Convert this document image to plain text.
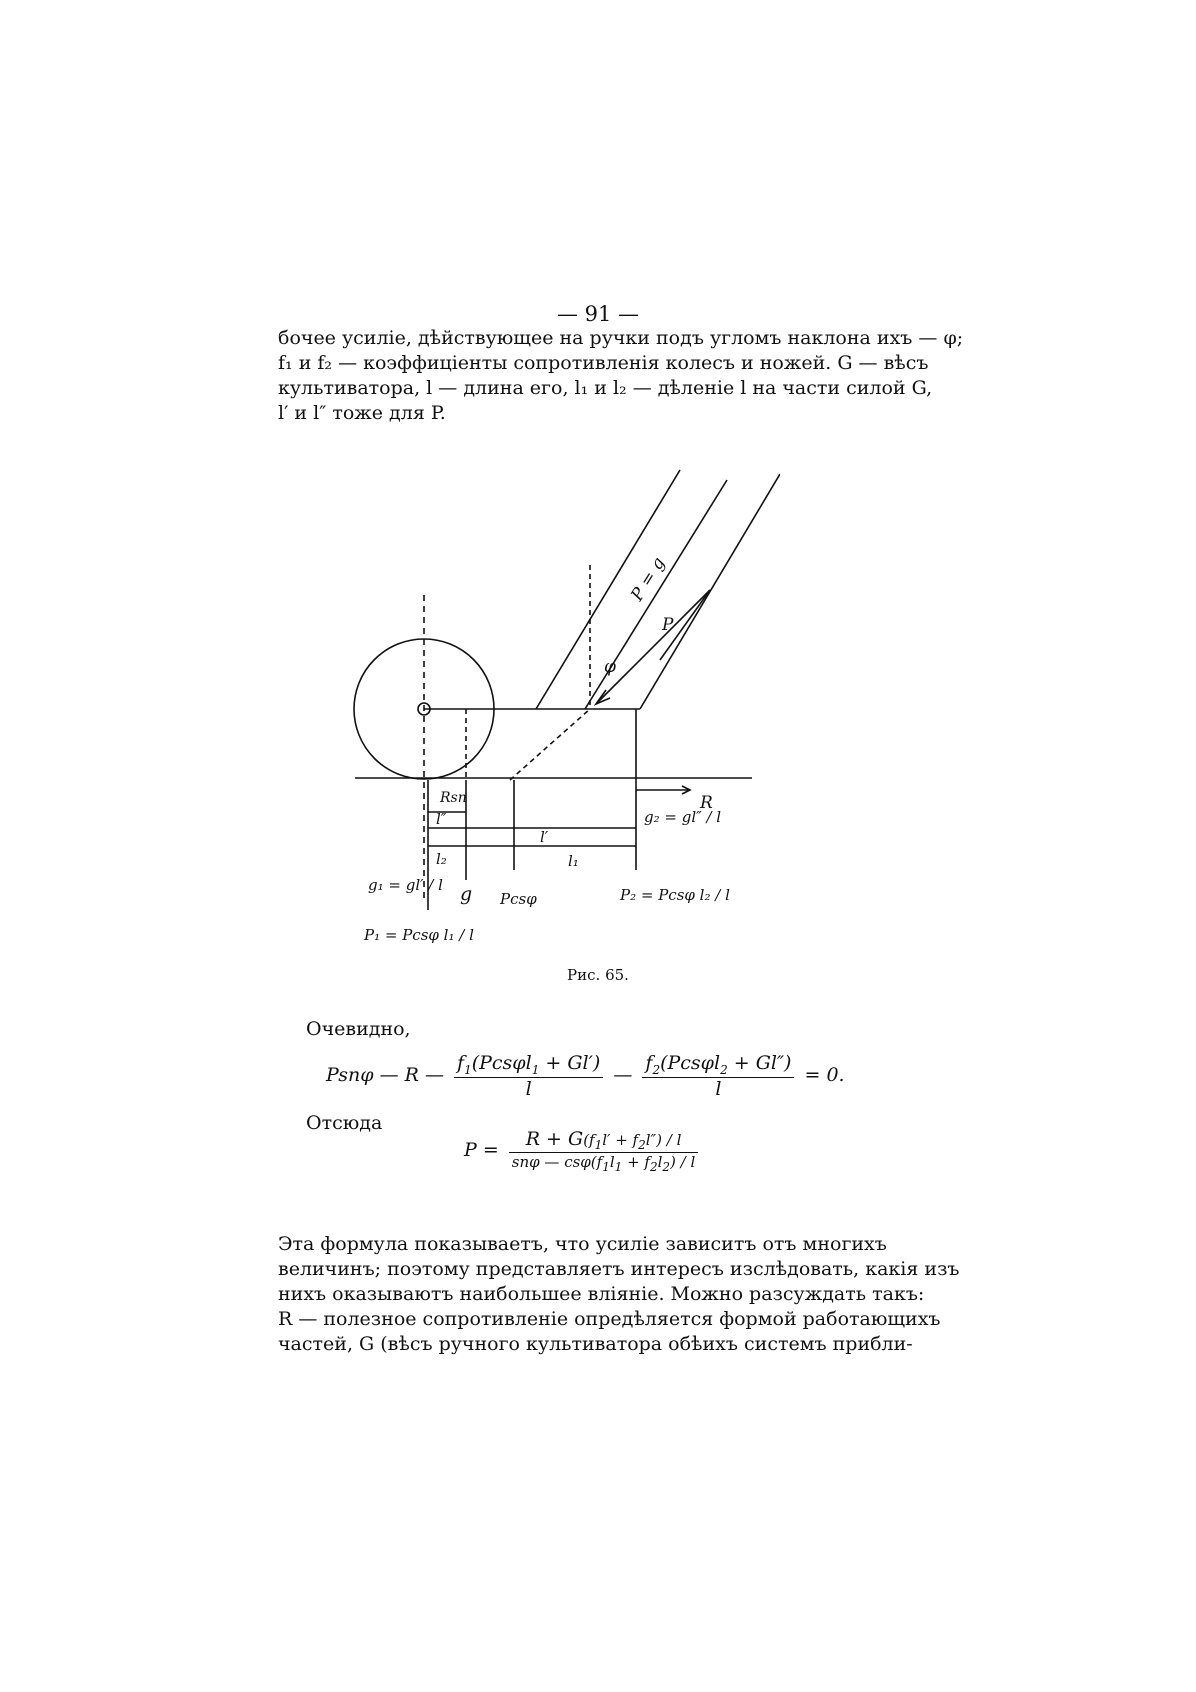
— 91 —
бочее усиліе, дѣйствующее на ручки подъ угломъ наклона ихъ — φ;
f₁ и f₂ — коэффиціенты сопротивленія колесъ и ножей. G — вѣсъ
культиватора, l — длина его, l₁ и l₂ — дѣленіе l на части силой G,
l′ и l″ тоже для P.
P = g
P
φ
R
Rsn
g₂ = gl″ / l
l″
l′
l₂	l₁
g₁ = gl′ / l g Pcsφ	P₂ = Pcsφ l₂ / l
P₁ = Pcsφ l₁ / l
Рис. 65.
Очевидно,
Psnφ — R — $\frac{f_1(Pcs\varphi l_1 + Gl')}{l}$ — $\frac{f_2(Pcs\varphi l_2 + Gl'')}{l} = 0$.
Отсюда
$P = \frac{R + G(f_1l' + f_2l'') / l}{sn\varphi — cs\varphi(f_1l_1 + f_2l_2) / l}$
Эта формула показываетъ, что усиліе зависитъ отъ многихъ
величинъ; поэтому представляетъ интересъ изслѣдовать, какія изъ
нихъ оказываютъ наибольшее вліяніе. Можно разсуждать такъ:
R — полезное сопротивленіе опредѣляется формой работающихъ
частей, G (вѣсъ ручного культиватора обѣихъ системъ прибли-
